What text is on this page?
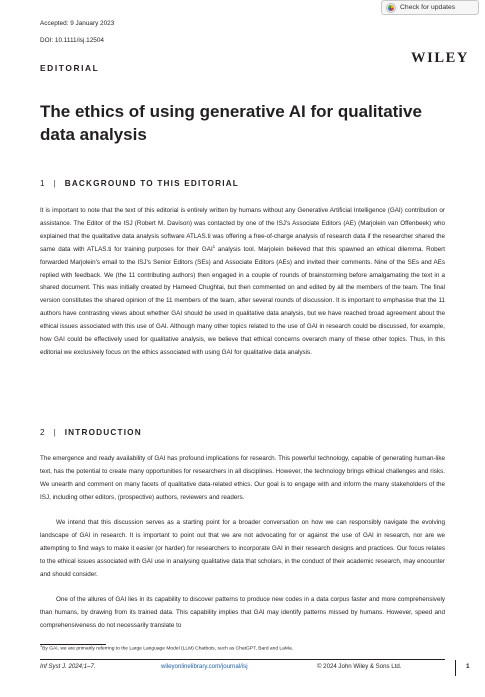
Accepted: 9 January 2023
DOI: 10.1111/isj.12504
Check for updates
WILEY
EDITORIAL
The ethics of using generative AI for qualitative data analysis
1 | BACKGROUND TO THIS EDITORIAL

It is important to note that the text of this editorial is entirely written by humans without any Generative Artificial Intelligence (GAI) contribution or assistance. The Editor of the ISJ (Robert M. Davison) was contacted by one of the ISJ's Associate Editors (AE) (Marjolein van Offenbeek) who explained that the qualitative data analysis software ATLAS.ti was offering a free-of-charge analysis of research data if the researcher shared the same data with ATLAS.ti for training purposes for their GAI$^1$ analysis tool. Marjolein believed that this spawned an ethical dilemma. Robert forwarded Marjolein's email to the ISJ's Senior Editors (SEs) and Associate Editors (AEs) and invited their comments. Nine of the SEs and AEs replied with feedback. We (the 11 contributing authors) then engaged in a couple of rounds of brainstorming before amalgamating the text in a shared document. This was initially created by Hameed Chughtai, but then commented on and edited by all the members of the team. The final version constitutes the shared opinion of the 11 members of the team, after several rounds of discussion. It is important to emphasise that the 11 authors have contrasting views about whether GAI should be used in qualitative data analysis, but we have reached broad agreement about the ethical issues associated with this use of GAI. Although many other topics related to the use of GAI in research could be discussed, for example, how GAI could be effectively used for qualitative analysis, we believe that ethical concerns overarch many of these other topics. Thus, in this editorial we exclusively focus on the ethics associated with using GAI for qualitative data analysis.

2 | INTRODUCTION

The emergence and ready availability of GAI has profound implications for research. This powerful technology, capable of generating human-like text, has the potential to create many opportunities for researchers in all disciplines. However, the technology brings ethical challenges and risks. We unearth and comment on many facets of qualitative data-related ethics. Our goal is to engage with and inform the many stakeholders of the ISJ, including other editors, (prospective) authors, reviewers and readers.

We intend that this discussion serves as a starting point for a broader conversation on how we can responsibly navigate the evolving landscape of GAI in research. It is important to point out that we are not advocating for or against the use of GAI in research, nor are we attempting to find ways to make it easier (or harder) for researchers to incorporate GAI in their research designs and practices. Our focus relates to the ethical issues associated with GAI use in analysing qualitative data that scholars, in the conduct of their academic research, may encounter and should consider.

One of the allures of GAI lies in its capability to discover patterns to produce new codes in a data corpus faster and more comprehensively than humans, by drawing from its trained data. This capability implies that GAI may identify patterns missed by humans. However, speed and comprehensiveness do not necessarily translate to

$^1$By GAI, we are primarily referring to the Large Language Model (LLM) Chatbots, such as ChatGPT, Bard and LaMa.
Inf Syst J. 2024;1–7.	wileyonlinelibrary.com/journal/isj	© 2024 John Wiley & Sons Ltd.	1
